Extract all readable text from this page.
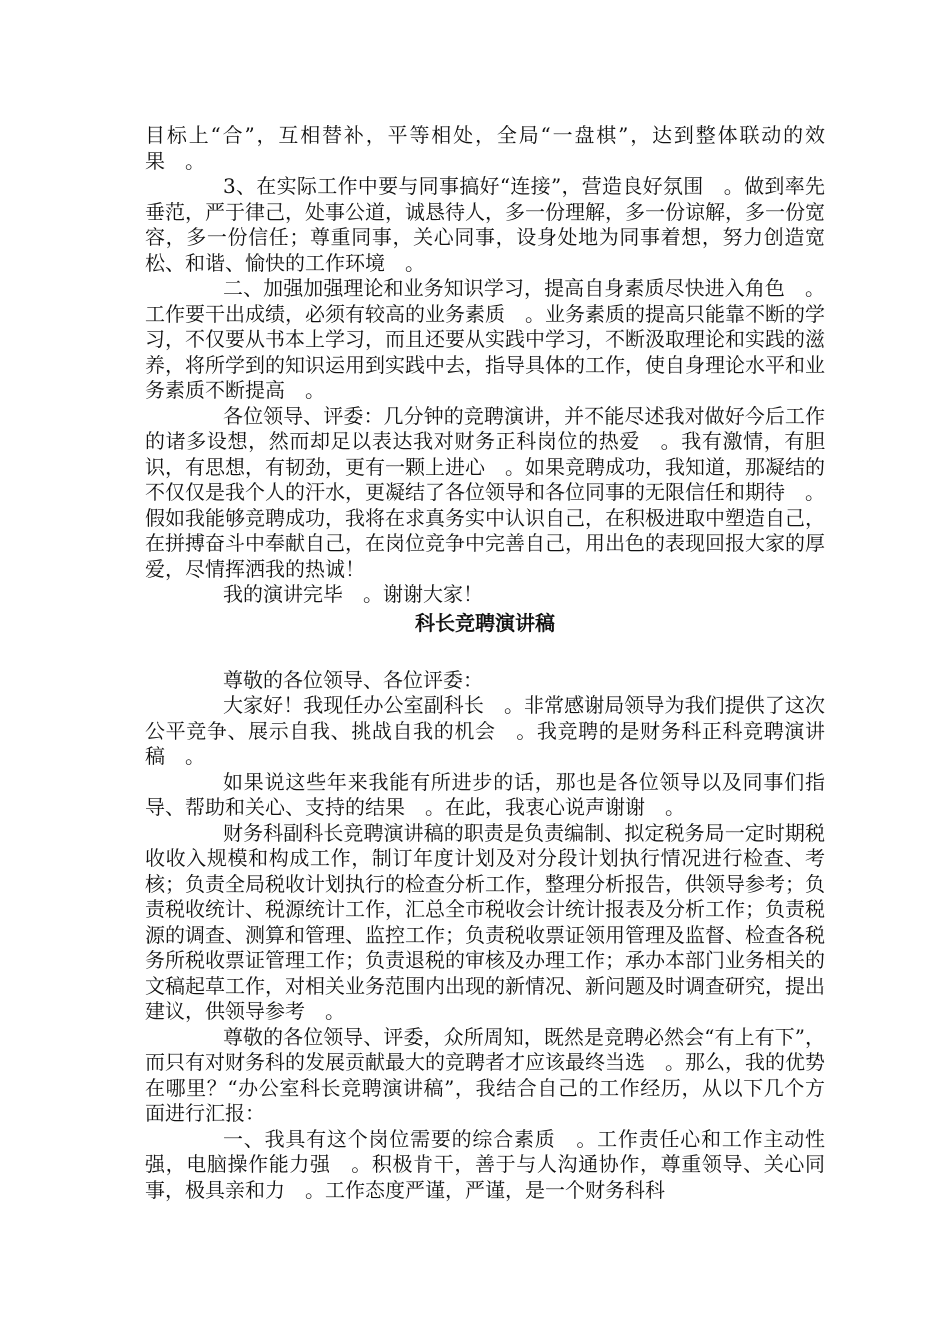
目标上“合”，互相替补，平等相处，全局“一盘棋”，达到整体联动的效果　。

3、在实际工作中要与同事搞好“连接”，营造良好氛围　。做到率先垂范，严于律己，处事公道，诚恳待人，多一份理解，多一份谅解，多一份宽容，多一份信任；尊重同事，关心同事，设身处地为同事着想，努力创造宽松、和谐、愉快的工作环境　。

二、加强加强理论和业务知识学习，提高自身素质尽快进入角色　。工作要干出成绩，必须有较高的业务素质　。业务素质的提高只能靠不断的学习，不仅要从书本上学习，而且还要从实践中学习，不断汲取理论和实践的滋养，将所学到的知识运用到实践中去，指导具体的工作，使自身理论水平和业务素质不断提高　。

各位领导、评委：几分钟的竞聘演讲，并不能尽述我对做好今后工作的诸多设想，然而却足以表达我对财务正科岗位的热爱　。我有激情，有胆识，有思想，有韧劲，更有一颗上进心　。如果竞聘成功，我知道，那凝结的不仅仅是我个人的汗水，更凝结了各位领导和各位同事的无限信任和期待　。假如我能够竞聘成功，我将在求真务实中认识自己，在积极进取中塑造自己，在拼搏奋斗中奉献自己，在岗位竞争中完善自己，用出色的表现回报大家的厚爱，尽情挥洒我的热诚！

我的演讲完毕　。谢谢大家！

科长竞聘演讲稿

尊敬的各位领导、各位评委：

大家好！我现任办公室副科长　。非常感谢局领导为我们提供了这次公平竞争、展示自我、挑战自我的机会　。我竞聘的是财务科正科竞聘演讲稿　。

如果说这些年来我能有所进步的话，那也是各位领导以及同事们指导、帮助和关心、支持的结果　。在此，我衷心说声谢谢　。

财务科副科长竞聘演讲稿的职责是负责编制、拟定税务局一定时期税收收入规模和构成工作，制订年度计划及对分段计划执行情况进行检查、考核；负责全局税收计划执行的检查分析工作，整理分析报告，供领导参考；负责税收统计、税源统计工作，汇总全市税收会计统计报表及分析工作；负责税源的调查、测算和管理、监控工作；负责税收票证领用管理及监督、检查各税务所税收票证管理工作；负责退税的审核及办理工作；承办本部门业务相关的文稿起草工作，对相关业务范围内出现的新情况、新问题及时调查研究，提出建议，供领导参考　。

尊敬的各位领导、评委，众所周知，既然是竞聘必然会“有上有下”，而只有对财务科的发展贡献最大的竞聘者才应该最终当选　。那么，我的优势在哪里？“办公室科长竞聘演讲稿”，我结合自己的工作经历，从以下几个方面进行汇报：

一、我具有这个岗位需要的综合素质　。工作责任心和工作主动性强，电脑操作能力强　。积极肯干，善于与人沟通协作，尊重领导、关心同事，极具亲和力　。工作态度严谨，严谨，是一个财务科科
